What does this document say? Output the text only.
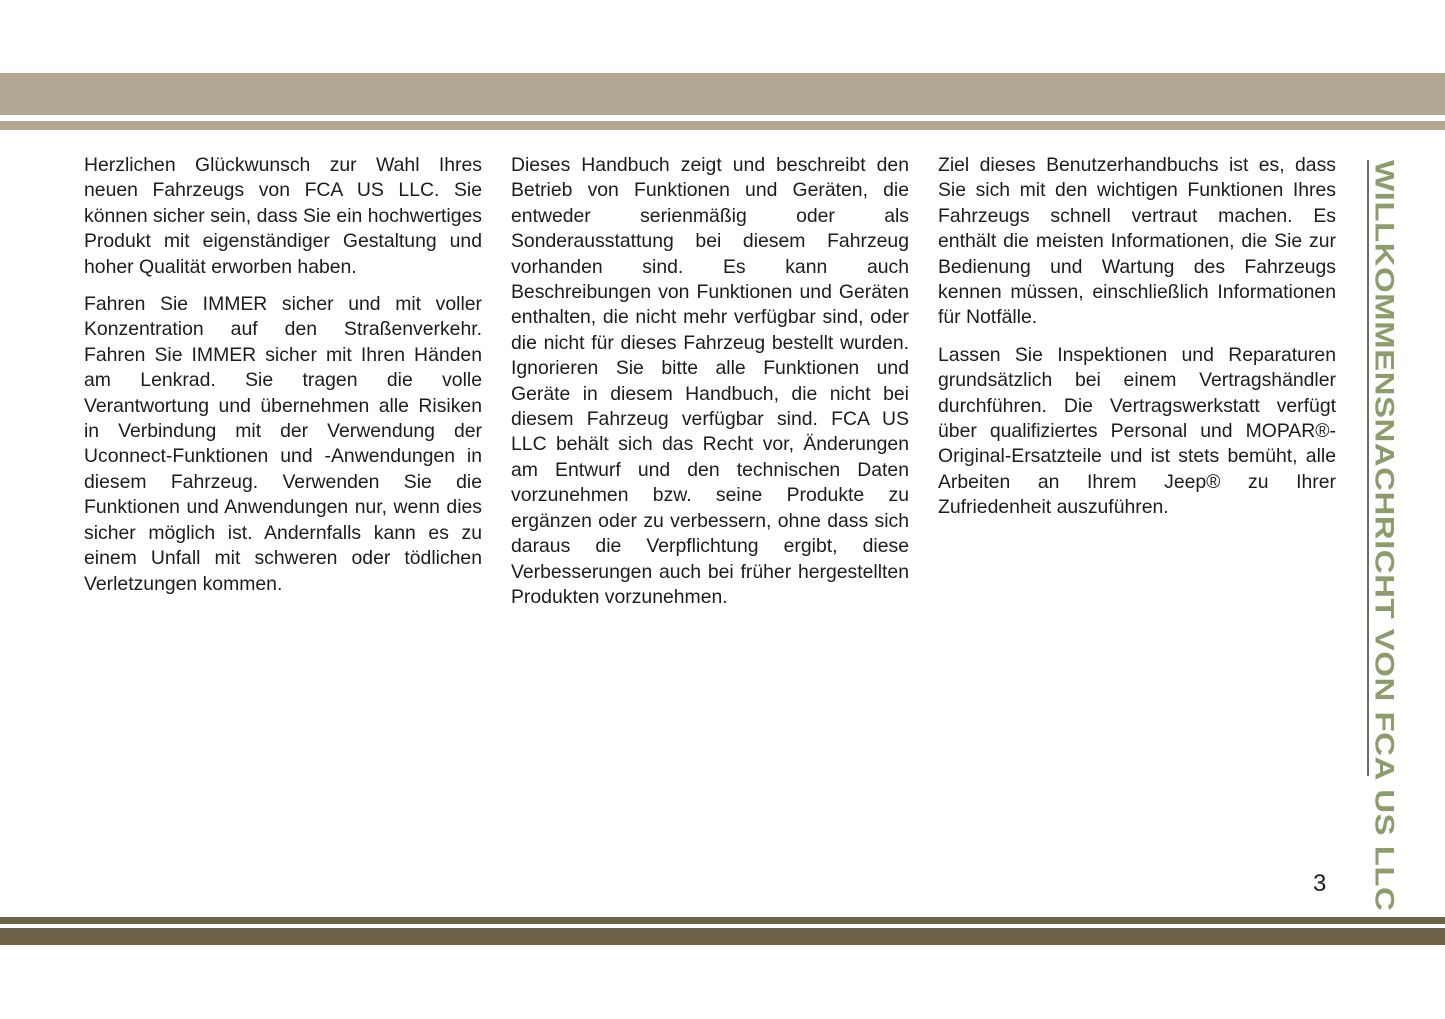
Herzlichen Glückwunsch zur Wahl Ihres neuen Fahrzeugs von FCA US LLC. Sie können sicher sein, dass Sie ein hochwertiges Produkt mit eigenständiger Gestaltung und hoher Qualität erworben haben.

Fahren Sie IMMER sicher und mit voller Konzentration auf den Straßenverkehr. Fahren Sie IMMER sicher mit Ihren Händen am Lenkrad. Sie tragen die volle Verantwortung und übernehmen alle Risiken in Verbindung mit der Verwendung der Uconnect-Funktionen und -Anwendungen in diesem Fahrzeug. Verwenden Sie die Funktionen und Anwendungen nur, wenn dies sicher möglich ist. Andernfalls kann es zu einem Unfall mit schweren oder tödlichen Verletzungen kommen.

Dieses Handbuch zeigt und beschreibt den Betrieb von Funktionen und Geräten, die entweder serienmäßig oder als Sonderausstattung bei diesem Fahrzeug vorhanden sind. Es kann auch Beschreibungen von Funktionen und Geräten enthalten, die nicht mehr verfügbar sind, oder die nicht für dieses Fahrzeug bestellt wurden. Ignorieren Sie bitte alle Funktionen und Geräte in diesem Handbuch, die nicht bei diesem Fahrzeug verfügbar sind. FCA US LLC behält sich das Recht vor, Änderungen am Entwurf und den technischen Daten vorzunehmen bzw. seine Produkte zu ergänzen oder zu verbessern, ohne dass sich daraus die Verpflichtung ergibt, diese Verbesserungen auch bei früher hergestellten Produkten vorzunehmen.

Ziel dieses Benutzerhandbuchs ist es, dass Sie sich mit den wichtigen Funktionen Ihres Fahrzeugs schnell vertraut machen. Es enthält die meisten Informationen, die Sie zur Bedienung und Wartung des Fahrzeugs kennen müssen, einschließlich Informationen für Notfälle.

Lassen Sie Inspektionen und Reparaturen grundsätzlich bei einem Vertragshändler durchführen. Die Vertragswerkstatt verfügt über qualifiziertes Personal und MOPAR®-Original-Ersatzteile und ist stets bemüht, alle Arbeiten an Ihrem Jeep® zu Ihrer Zufriedenheit auszuführen.	WILLKOMMENSNACHRICHT VON FCA US LLC
3
